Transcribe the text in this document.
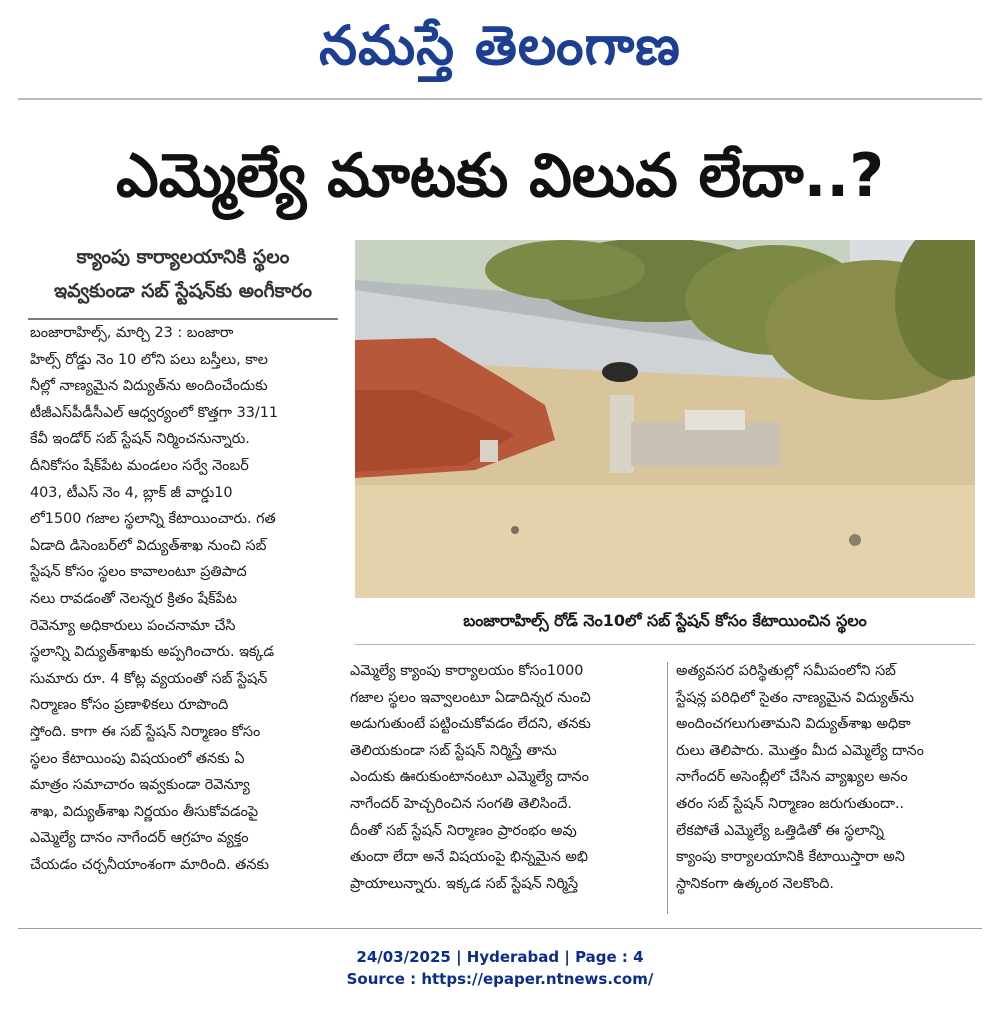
నమస్తే తెలంగాణ
ఎమ్మెల్యే మాటకు విలువ లేదా..?
క్యాంపు కార్యాలయానికి స్థలం
ఇవ్వకుండా సబ్ స్టేషన్‌కు అంగీకారం
బంజారాహిల్స్, మార్చి 23 : బంజారా
హిల్స్ రోడ్డు నెం 10 లోని పలు బస్తీలు, కాల
నీల్లో నాణ్యమైన విద్యుత్‌ను అందించేందుకు
టీజీఎస్‌పీడీసీఎల్ ఆధ్వర్యంలో కొత్తగా 33/11
కేవీ ఇండోర్ సబ్ స్టేషన్ నిర్మించనున్నారు.
దీనికోసం షేక్‌పేట మండలం సర్వే నెంబర్
403, టీఎస్ నెం 4, బ్లాక్ జీ వార్డు10
లో1500 గజాల స్థలాన్ని కేటాయించారు. గత
ఏడాది డిసెంబర్‌లో విద్యుత్‌శాఖ నుంచి సబ్
స్టేషన్ కోసం స్థలం కావాలంటూ ప్రతిపాద
నలు రావడంతో నెలన్నర క్రితం షేక్‌పేట
రెవెన్యూ అధికారులు పంచనామా చేసి
స్థలాన్ని విద్యుత్‌శాఖకు అప్పగించారు. ఇక్కడ
సుమారు రూ. 4 కోట్ల వ్యయంతో సబ్ స్టేషన్
నిర్మాణం కోసం ప్రణాళికలు రూపొంది
స్తోంది. కాగా ఈ సబ్ స్టేషన్ నిర్మాణం కోసం
స్థలం కేటాయింపు విషయంలో తనకు ఏ
మాత్రం సమాచారం ఇవ్వకుండా రెవెన్యూ
శాఖ, విద్యుత్‌శాఖ నిర్ణయం తీసుకోవడంపై
ఎమ్మెల్యే దానం నాగేందర్ ఆగ్రహం వ్యక్తం
చేయడం చర్చనీయాంశంగా మారింది. తనకు
బంజారాహిల్స్ రోడ్ నెం10లో సబ్ స్టేషన్ కోసం కేటాయించిన స్థలం
ఎమ్మెల్యే క్యాంపు కార్యాలయం కోసం1000
గజాల స్థలం ఇవ్వాలంటూ ఏడాదిన్నర నుంచి
అడుగుతుంటే పట్టించుకోవడం లేదని, తనకు
తెలియకుండా సబ్ స్టేషన్ నిర్మిస్తే తాను
ఎందుకు ఊరుకుంటానంటూ ఎమ్మెల్యే దానం
నాగేందర్ హెచ్చరించిన సంగతి తెలిసిందే.
దీంతో సబ్ స్టేషన్ నిర్మాణం ప్రారంభం అవు
తుందా లేదా అనే విషయంపై భిన్నమైన అభి
ప్రాయాలున్నారు. ఇక్కడ సబ్ స్టేషన్ నిర్మిస్తే
అత్యవసర పరిస్థితుల్లో సమీపంలోని సబ్
స్టేషన్ల పరిధిలో సైతం నాణ్యమైన విద్యుత్‌ను
అందించగలుగుతామని విద్యుత్‌శాఖ అధికా
రులు తెలిపారు. మొత్తం మీద ఎమ్మెల్యే దానం
నాగేందర్ అసెంబ్లీలో చేసిన వ్యాఖ్యల అనం
తరం సబ్ స్టేషన్ నిర్మాణం జరుగుతుందా..
లేకపోతే ఎమ్మెల్యే ఒత్తిడితో ఈ స్థలాన్ని
క్యాంపు కార్యాలయానికి కేటాయిస్తారా అని
స్థానికంగా ఉత్కంఠ నెలకొంది.
24/03/2025 | Hyderabad | Page : 4
Source : https://epaper.ntnews.com/
